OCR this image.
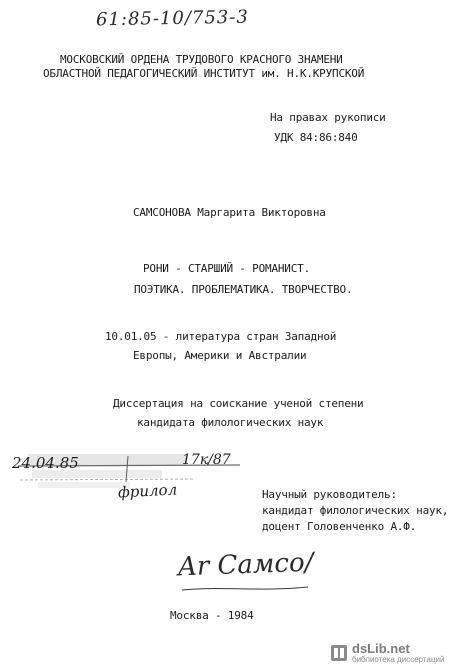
61:85-10/753-3
МОСКОВСКИЙ ОРДЕНА ТРУДОВОГО КРАСНОГО ЗНАМЕНИ
ОБЛАСТНОЙ ПЕДАГОГИЧЕСКИЙ ИНСТИТУТ им. Н.К.КРУПСКОЙ
На правах рукописи
УДК 84:86:840
САМСОНОВА Маргарита Викторовна
РОНИ - СТАРШИЙ - РОМАНИСТ.
ПОЭТИКА. ПРОБЛЕМАТИКА. ТВОРЧЕСТВО.
10.01.05 - литература стран Западной
Европы, Америки и Австралии
Диссертация на соискание ученой степени
кандидата филологических наук
24.04.85	17к/87
фрилол	Научный руководитель:
кандидат филологических наук,
доцент Головенченко А.Ф.
Ar Самсо/
Москва - 1984
dsLib.net
библиотека диссертаций
